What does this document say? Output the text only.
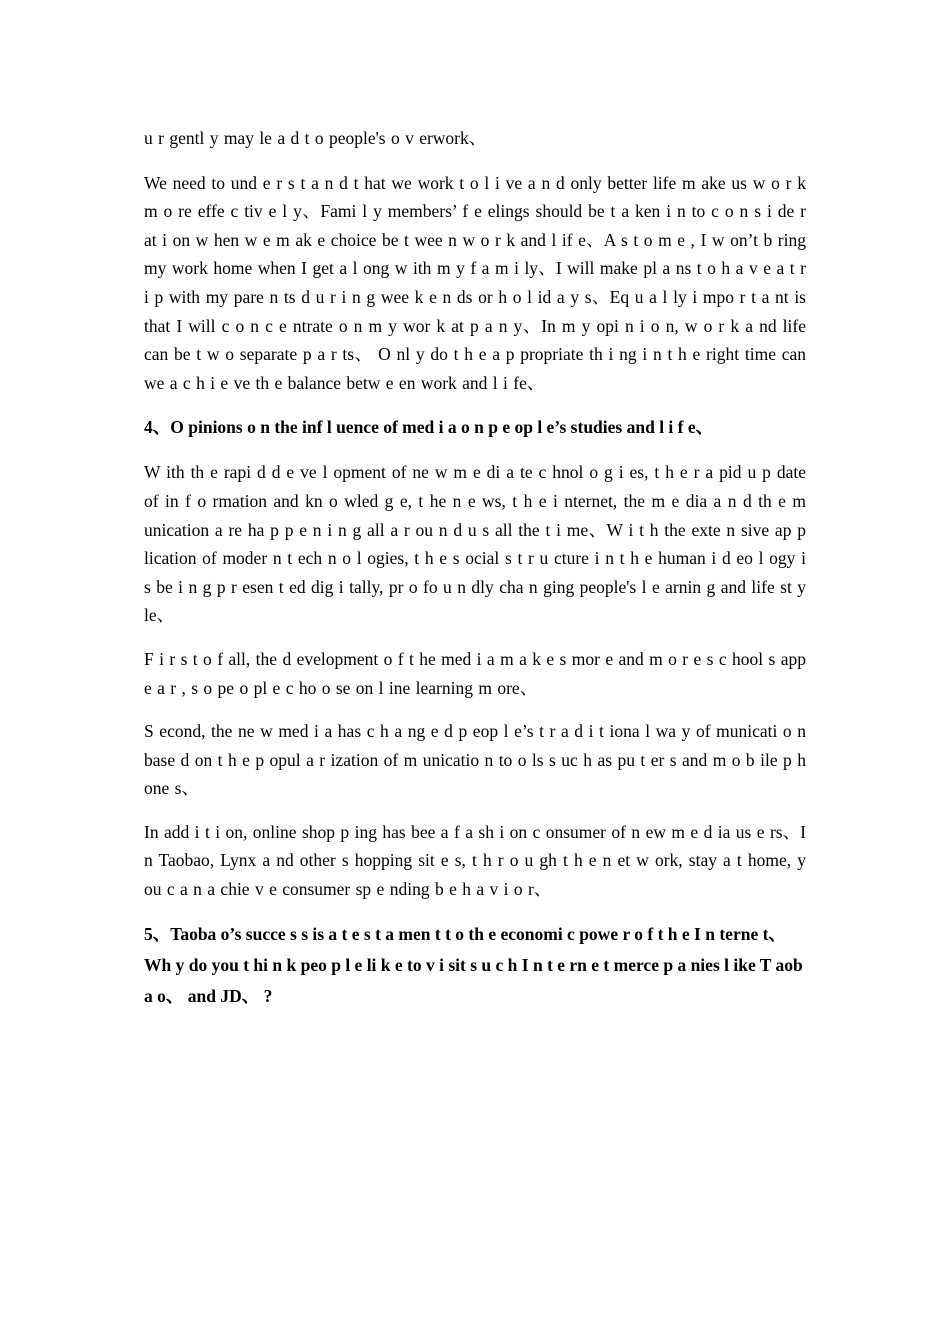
u r gentl y may le a d t o people's o v erwork、

We need to und e r s t a n d t hat we work t o l i ve a n d only better life m ake us w o r k m o re effe c tiv e l y、Fami l y members’ f e elings should be t a ken i n to c o n s i de r at i on w hen w e m ak e choice be t wee n w o r k and l if e、A s t o m e , I w on’t b ring my work home when I get a l ong w ith m y f a m i ly、I will make pl a ns t o h a v e a t r i p with my pare n ts d u r i n g wee k e n ds or h o l id a y s、Eq u a l ly i mpo r t a nt is that I will c o n c e ntrate o n m y wor k at p a n y、In m y opi n i o n, w o r k a nd life can be t w o separate p a r ts、 O nl y do t h e a p propriate th i ng i n t h e right time can we a c h i e ve th e balance betw e en work and l i fe、

4、O pinions o n the inf l uence of med i a o n p e op l e’s studies and l i f e、

W ith th e rapi d d e ve l opment of ne w m e di a te c hnol o g i es, t h e r a pid u p date of in f o rmation and kn o wled g e, t he n e ws, t h e i nternet, the m e dia a n d th e m unication a re ha p p e n i n g all a r ou n d u s all the t i me、W i t h the exte n sive ap p lication of moder n t ech n o l ogies, t h e s ocial s t r u cture i n t h e human i d eo l ogy i s be i n g p r esen t ed dig i tally, pr o fo u n dly cha n ging people's l e arnin g and life st y le、

F i r s t o f all, the d evelopment o f t he med i a m a k e s mor e and m o r e s c hool s app e a r , s o pe o pl e c ho o se on l ine learning m ore、

S econd, the ne w med i a has c h a ng e d p eop l e’s t r a d i t iona l wa y of municati o n base d on t h e p opul a r ization of m unicatio n to o ls s uc h as pu t er s and m o b ile p h one s、

In add i t i on, online shop p ing has bee a f a sh i on c onsumer of n ew m e d ia us e rs、I n Taobao, Lynx a nd other s hopping sit e s, t h r o u gh t h e n et w ork, stay a t home, y ou c a n a chie v e consumer sp e nding b e h a v i o r、

5、Taoba o’s succe s s is a t e s t a men t t o th e economi c powe r o f t h e I n terne t、 Wh y do you t hi n k peo p l e li k e to v i sit s u c h I n t e rn e t merce p a nies l ike T aob a o、 and JD、 ?
